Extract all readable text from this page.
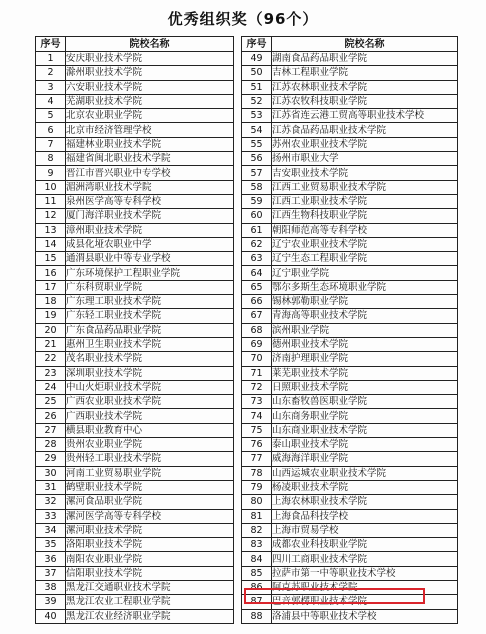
优秀组织奖（96个）
序号	院校名称
1	安庆职业技术学院
2	滁州职业技术学院
3	六安职业技术学院
4	芜湖职业技术学院
5	北京农业职业学院
6	北京市经济管理学校
7	福建林业职业技术学院
8	福建省闽北职业技术学院
9	晋江市晋兴职业中专学校
10	湄洲湾职业技术学院
11	泉州医学高等专科学校
12	厦门海洋职业技术学院
13	漳州职业技术学院
14	成县化垭农职业中学
15	通渭县职业中等专业学校
16	广东环境保护工程职业学院
17	广东科贸职业学院
18	广东理工职业技术学院
19	广东轻工职业技术学院
20	广东食品药品职业学院
21	惠州卫生职业技术学院
22	茂名职业技术学院
23	深圳职业技术学院
24	中山火炬职业技术学院
25	广西农业职业技术学院
26	广西职业技术学院
27	横县职业教育中心
28	贵州农业职业学院
29	贵州轻工职业技术学院
30	河南工业贸易职业学院
31	鹤壁职业技术学院
32	漯河食品职业学院
33	漯河医学高等专科学校
34	漯河职业技术学院
35	洛阳职业技术学院
36	南阳农业职业学院
37	信阳职业技术学院
38	黑龙江交通职业技术学院
39	黑龙江农业工程职业学院
40	黑龙江农业经济职业学院
序号	院校名称
49	湖南食品药品职业学院
50	吉林工程职业学院
51	江苏农林职业技术学院
52	江苏农牧科技职业学院
53	江苏省连云港工贸高等职业技术学校
54	江苏食品药品职业技术学院
55	苏州农业职业技术学院
56	扬州市职业大学
57	吉安职业技术学院
58	江西工业贸易职业技术学院
59	江西工业职业技术学院
60	江西生物科技职业学院
61	朝阳师范高等专科学校
62	辽宁农业职业技术学院
63	辽宁生态工程职业学院
64	辽宁职业学院
65	鄂尔多斯生态环境职业学院
66	锡林郭勒职业学院
67	青海高等职业技术学院
68	滨州职业学院
69	德州职业技术学院
70	济南护理职业学院
71	莱芜职业技术学院
72	日照职业技术学院
73	山东畜牧兽医职业学院
74	山东商务职业学院
75	山东商业职业技术学院
76	泰山职业技术学院
77	威海海洋职业学院
78	山西运城农业职业技术学院
79	杨凌职业技术学院
80	上海农林职业技术学院
81	上海食品科技学校
82	上海市贸易学校
83	成都农业科技职业学院
84	四川工商职业技术学院
85	拉萨市第一中等职业技术学校
86	阿克苏职业技术学院
87	巴音郭楞职业技术学院
88	洛浦县中等职业技术学校
